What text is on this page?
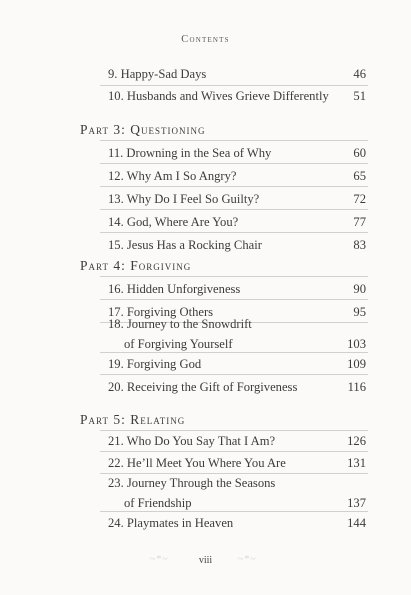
Contents
9. Happy-Sad Days	46
10. Husbands and Wives Grieve Differently 51
Part 3: Questioning
11. Drowning in the Sea of Why	60
12. Why Am I So Angry?	65
13. Why Do I Feel So Guilty?	72
14. God, Where Are You?	77
15. Jesus Has a Rocking Chair	83
Part 4: Forgiving
16. Hidden Unforgiveness	90
17. Forgiving Others	95
18. Journey to the Snowdrift
of Forgiving Yourself	103
19. Forgiving God	109
20. Receiving the Gift of Forgiveness	116
Part 5: Relating
21. Who Do You Say That I Am?	126
22. He’ll Meet You Where You Are	131
23. Journey Through the Seasons
of Friendship	137
24. Playmates in Heaven	144
~*~	viii	~*~
